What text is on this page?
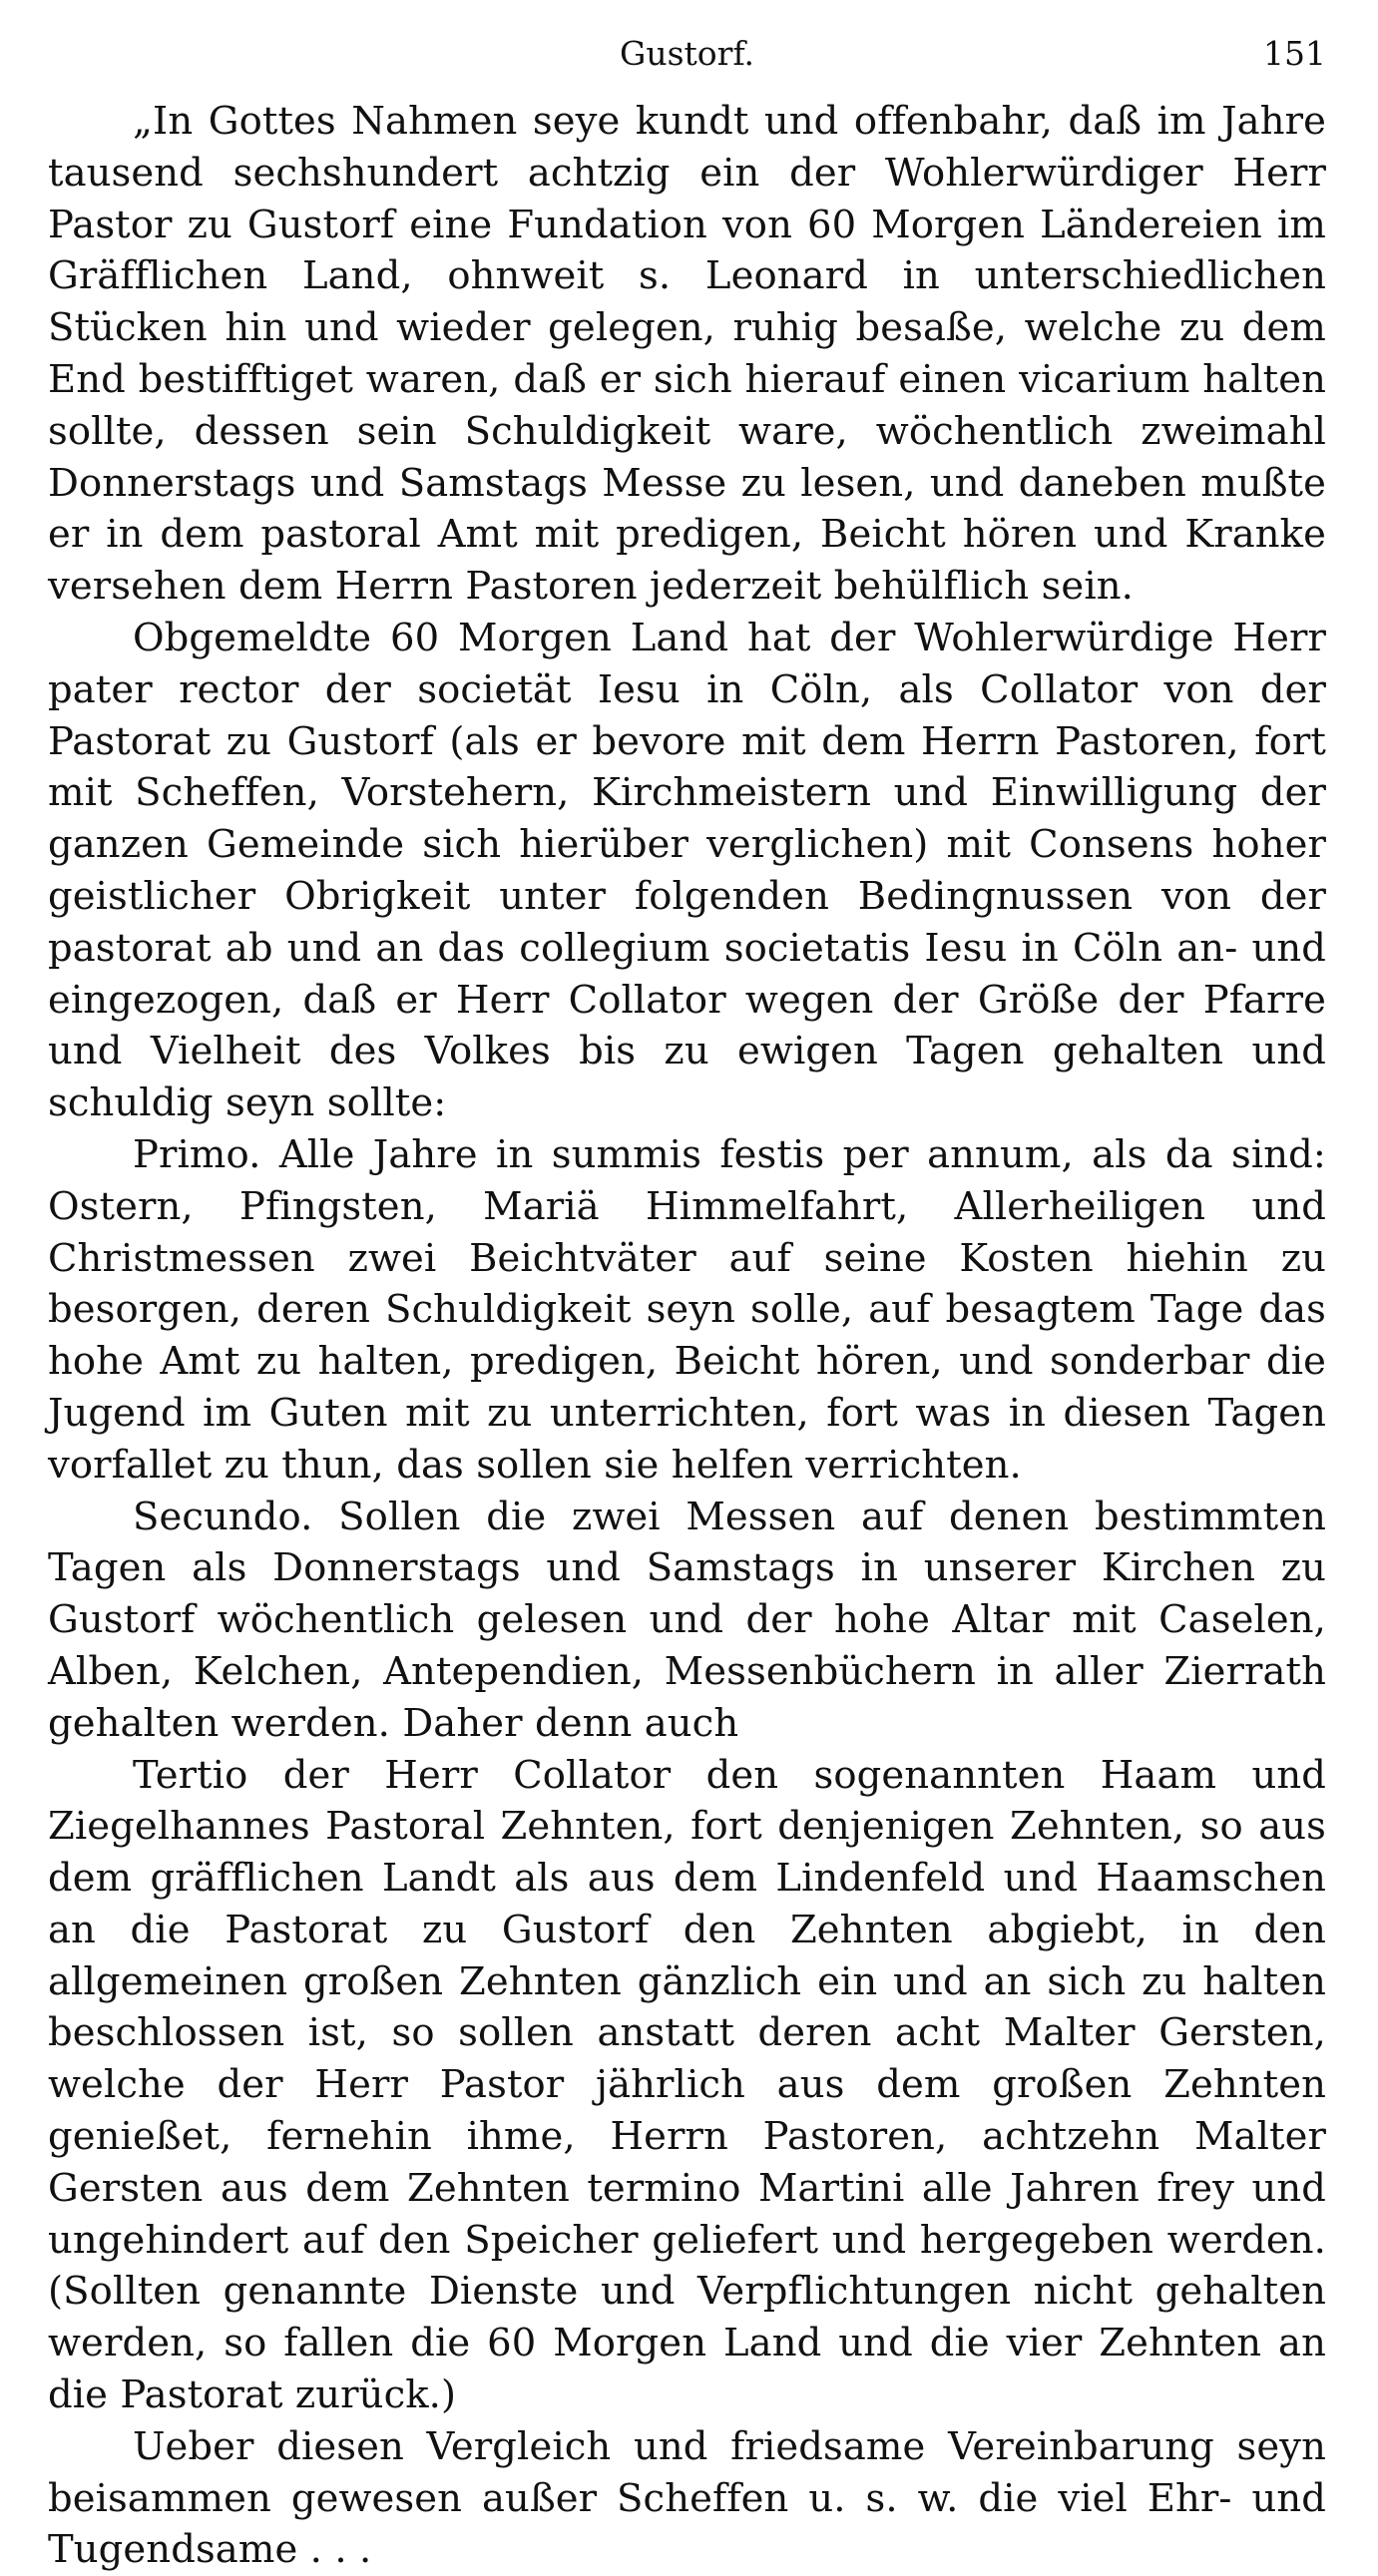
Gustorf.	151

„In Gottes Nahmen seye kundt und offenbahr, daß im Jahre tausend sechshundert achtzig ein der Wohlerwürdiger Herr Pastor zu Gustorf eine Fundation von 60 Morgen Ländereien im Gräfflichen Land, ohnweit s. Leonard in unterschiedlichen Stücken hin und wieder gelegen, ruhig besaße, welche zu dem End bestifftiget waren, daß er sich hierauf einen vicarium halten sollte, dessen sein Schuldigkeit ware, wöchentlich zweimahl Donnerstags und Samstags Messe zu lesen, und daneben mußte er in dem pastoral Amt mit predigen, Beicht hören und Kranke versehen dem Herrn Pastoren jederzeit behülflich sein.

Obgemeldte 60 Morgen Land hat der Wohlerwürdige Herr pater rector der societät Iesu in Cöln, als Collator von der Pastorat zu Gustorf (als er bevore mit dem Herrn Pastoren, fort mit Scheffen, Vorstehern, Kirchmeistern und Einwilligung der ganzen Gemeinde sich hierüber verglichen) mit Consens hoher geistlicher Obrigkeit unter folgenden Bedingnussen von der pastorat ab und an das collegium societatis Iesu in Cöln an- und eingezogen, daß er Herr Collator wegen der Größe der Pfarre und Vielheit des Volkes bis zu ewigen Tagen gehalten und schuldig seyn sollte:

Primo. Alle Jahre in summis festis per annum, als da sind: Ostern, Pfingsten, Mariä Himmelfahrt, Allerheiligen und Christmessen zwei Beichtväter auf seine Kosten hiehin zu besorgen, deren Schuldigkeit seyn solle, auf besagtem Tage das hohe Amt zu halten, predigen, Beicht hören, und sonderbar die Jugend im Guten mit zu unterrichten, fort was in diesen Tagen vorfallet zu thun, das sollen sie helfen verrichten.

Secundo. Sollen die zwei Messen auf denen bestimmten Tagen als Donnerstags und Samstags in unserer Kirchen zu Gustorf wöchentlich gelesen und der hohe Altar mit Caselen, Alben, Kelchen, Antependien, Messenbüchern in aller Zierrath gehalten werden. Daher denn auch

Tertio der Herr Collator den sogenannten Haam und Ziegelhannes Pastoral Zehnten, fort denjenigen Zehnten, so aus dem gräfflichen Landt als aus dem Lindenfeld und Haamschen an die Pastorat zu Gustorf den Zehnten abgiebt, in den allgemeinen großen Zehnten gänzlich ein und an sich zu halten beschlossen ist, so sollen anstatt deren acht Malter Gersten, welche der Herr Pastor jährlich aus dem großen Zehnten genießet, fernehin ihme, Herrn Pastoren, achtzehn Malter Gersten aus dem Zehnten termino Martini alle Jahren frey und ungehindert auf den Speicher geliefert und hergegeben werden. (Sollten genannte Dienste und Verpflichtungen nicht gehalten werden, so fallen die 60 Morgen Land und die vier Zehnten an die Pastorat zurück.)

Ueber diesen Vergleich und friedsame Vereinbarung seyn beisammen gewesen außer Scheffen u. s. w. die viel Ehr- und Tugendsame . . .
